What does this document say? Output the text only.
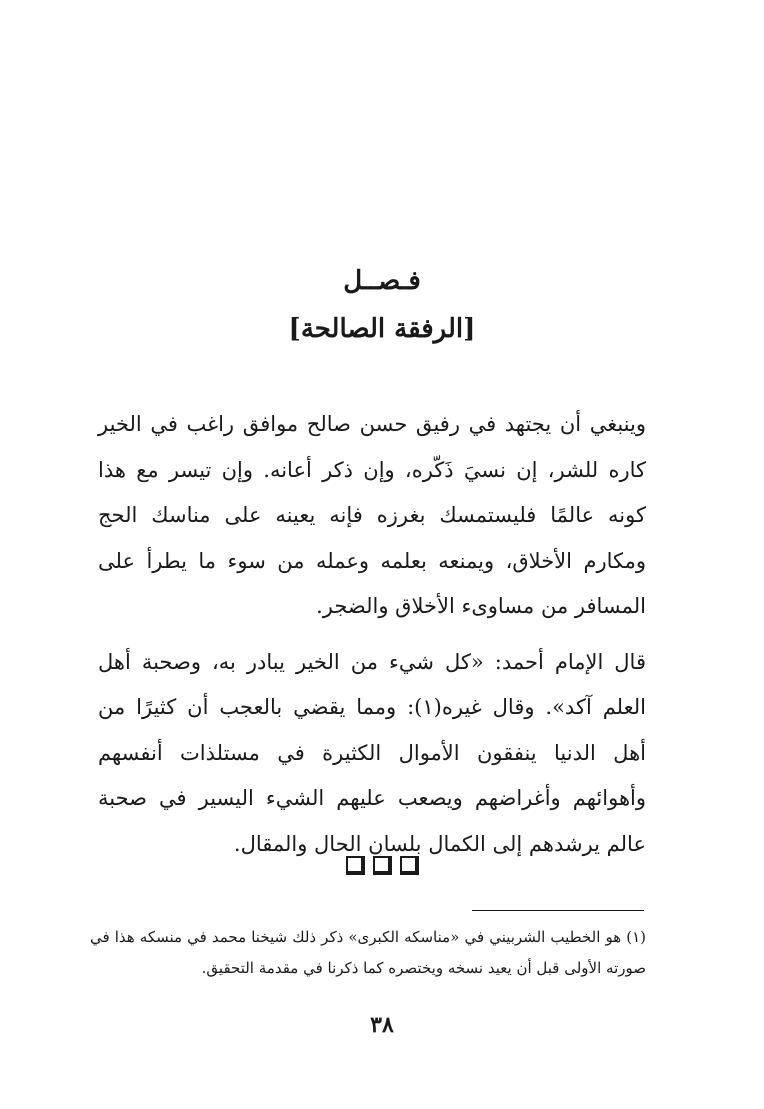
فـصــل
[الرفقة الصالحة]

وينبغي أن يجتهد في رفيق حسن صالح موافق راغب في الخير كاره للشر، إن نسيَ ذَكّره، وإن ذكر أعانه. وإن تيسر مع هذا كونه عالمًا فليستمسك بغرزه فإنه يعينه على مناسك الحج ومكارم الأخلاق، ويمنعه بعلمه وعمله من سوء ما يطرأ على المسافر من مساوىء الأخلاق والضجر.

قال الإمام أحمد: «كل شيء من الخير يبادر به، وصحبة أهل العلم آكد». وقال غيره(١): ومما يقضي بالعجب أن كثيرًا من أهل الدنيا ينفقون الأموال الكثيرة في مستلذات أنفسهم وأهوائهم وأغراضهم ويصعب عليهم الشيء اليسير في صحبة عالم يرشدهم إلى الكمال بلسان الحال والمقال.

(١) هو الخطيب الشربيني في «مناسكه الكبرى» ذكر ذلك شيخنا محمد في منسكه هذا في صورته الأولى قبل أن يعيد نسخه ويختصره كما ذكرنا في مقدمة التحقيق.

٣٨
